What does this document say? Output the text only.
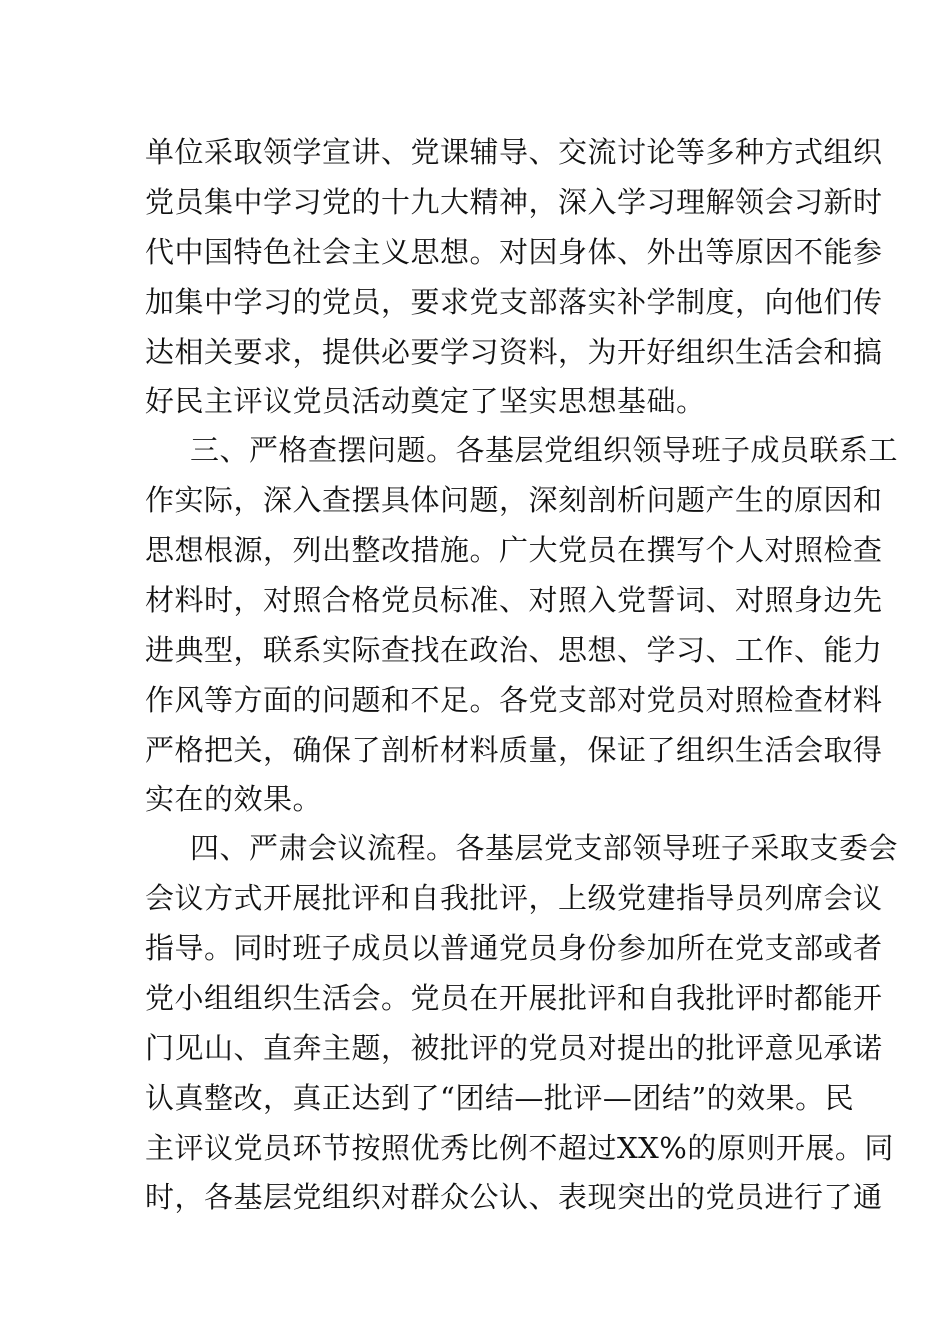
单位采取领学宣讲、党课辅导、交流讨论等多种方式组织
党员集中学习党的十九大精神，深入学习理解领会习新时
代中国特色社会主义思想。对因身体、外出等原因不能参
加集中学习的党员，要求党支部落实补学制度，向他们传
达相关要求，提供必要学习资料，为开好组织生活会和搞
好民主评议党员活动奠定了坚实思想基础。
三、严格查摆问题。各基层党组织领导班子成员联系工
作实际，深入查摆具体问题，深刻剖析问题产生的原因和
思想根源，列出整改措施。广大党员在撰写个人对照检查
材料时，对照合格党员标准、对照入党誓词、对照身边先
进典型，联系实际查找在政治、思想、学习、工作、能力
作风等方面的问题和不足。各党支部对党员对照检查材料
严格把关，确保了剖析材料质量，保证了组织生活会取得
实在的效果。
四、严肃会议流程。各基层党支部领导班子采取支委会
会议方式开展批评和自我批评，上级党建指导员列席会议
指导。同时班子成员以普通党员身份参加所在党支部或者
党小组组织生活会。党员在开展批评和自我批评时都能开
门见山、直奔主题，被批评的党员对提出的批评意见承诺
认真整改，真正达到了“团结—批评—团结”的效果。民
主评议党员环节按照优秀比例不超过XX%的原则开展。同
时，各基层党组织对群众公认、表现突出的党员进行了通
